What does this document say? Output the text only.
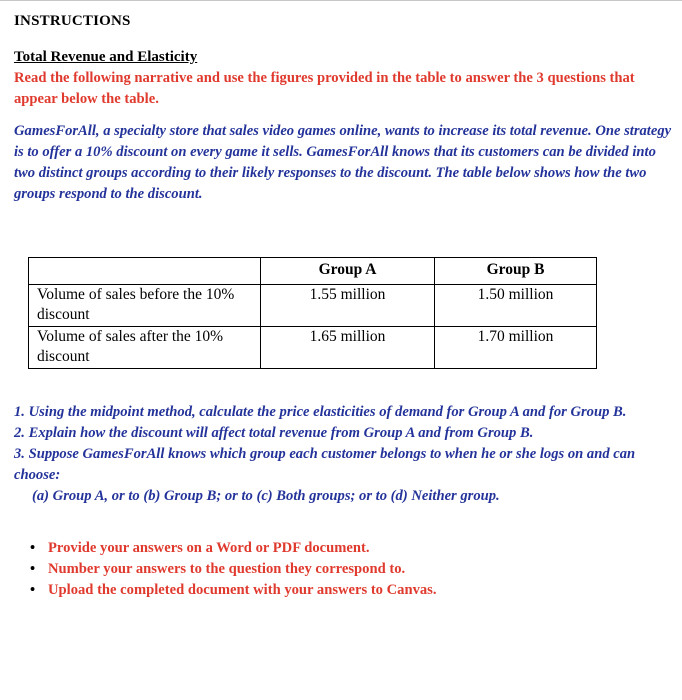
INSTRUCTIONS
Total Revenue and Elasticity
Read the following narrative and use the figures provided in the table to answer the 3 questions that appear below the table.
GamesForAll, a specialty store that sales video games online, wants to increase its total revenue. One strategy is to offer a 10% discount on every game it sells. GamesForAll knows that its customers can be divided into two distinct groups according to their likely responses to the discount. The table below shows how the two groups respond to the discount.
	Group A	Group B
Volume of sales before the 10% discount	1.55 million	1.50 million
Volume of sales after the 10% discount	1.65 million	1.70 million

1. Using the midpoint method, calculate the price elasticities of demand for Group A and for Group B.

2. Explain how the discount will affect total revenue from Group A and from Group B.

3. Suppose GamesForAll knows which group each customer belongs to when he or she logs on and can choose:

(a) Group A, or to (b) Group B; or to (c) Both groups; or to (d) Neither group.

• Provide your answers on a Word or PDF document.
• Number your answers to the question they correspond to.
• Upload the completed document with your answers to Canvas.
